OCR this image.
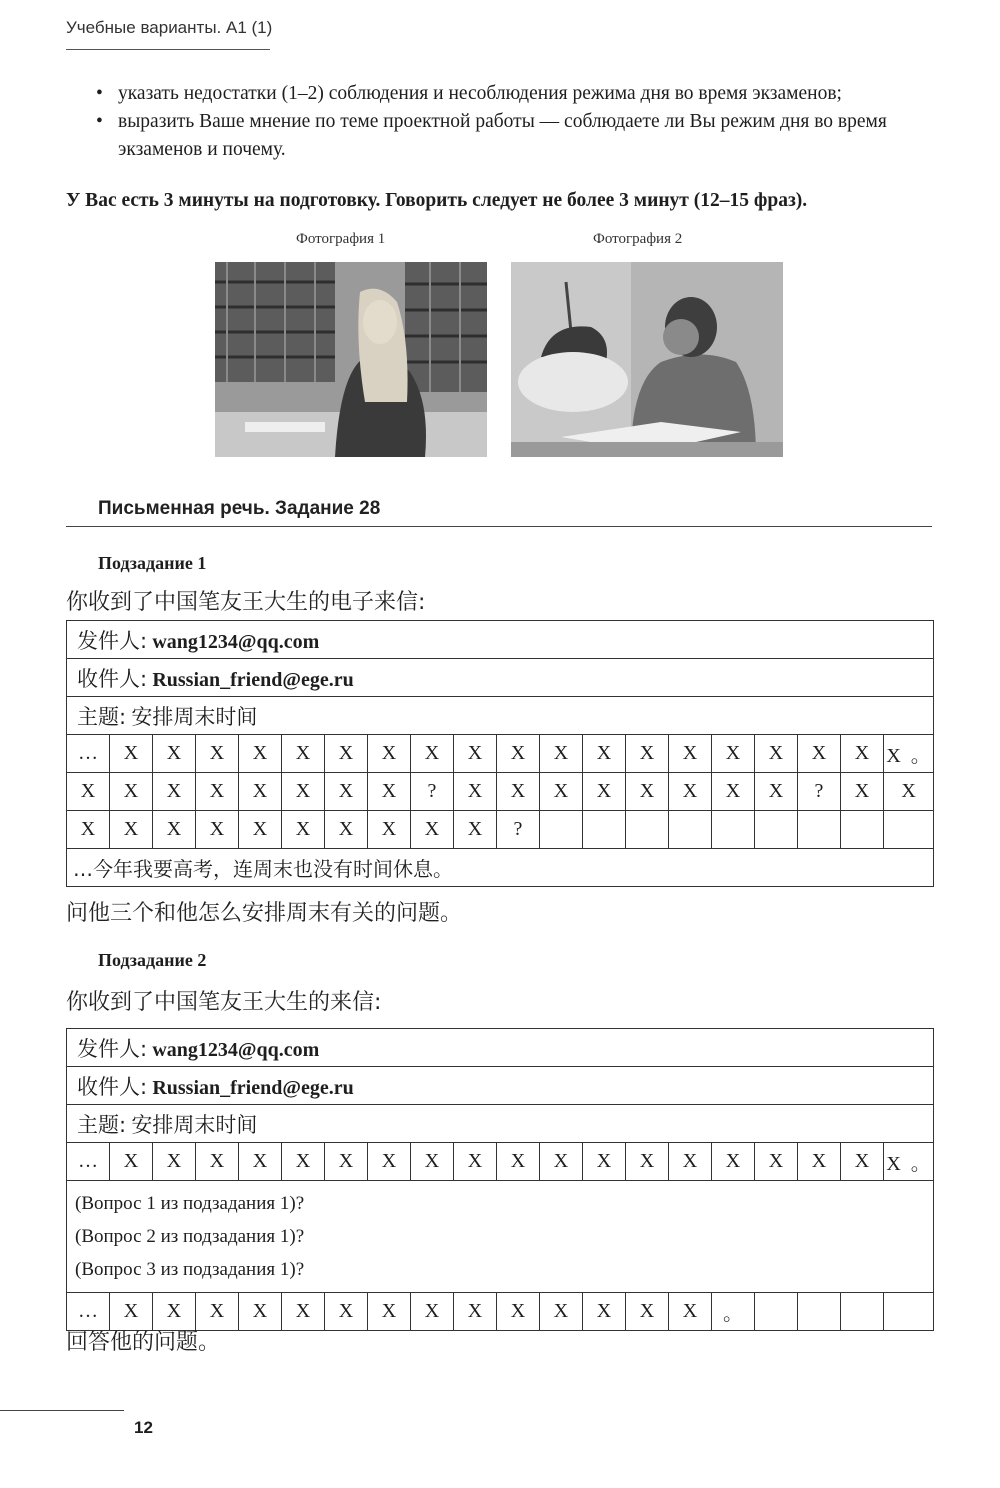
Учебные варианты. А1 (1)
• указать недостатки (1–2) соблюдения и несоблюдения режима дня во время экзаменов;
• выразить Ваше мнение по теме проектной работы — соблюдаете ли Вы режим дня во время экзаменов и почему.
У Вас есть 3 минуты на подготовку. Говорить следует не более 3 минут (12–15 фраз).
Фотография 1	Фотография 2
Письменная речь. Задание 28
Подзадание 1
你收到了中国笔友王大生的电子来信:
发件人: wang1234@qq.com																			
收件人: Russian_friend@ege.ru																			
主题: 安排周末时间																			
…	X	X	X	X	X	X	X	X	X	X	X	X	X	X	X	X	X	X	X 。
X	X	X	X	X	X	X	X	?	X	X	X	X	X	X	X	X	?	X	X
X	X	X	X	X	X	X	X	X	X	?									
…今年我要高考，连周末也没有时间休息。																			
问他三个和他怎么安排周末有关的问题。
Подзадание 2
你收到了中国笔友王大生的来信:
发件人: wang1234@qq.com																			
收件人: Russian_friend@ege.ru																			
主题: 安排周末时间																			
…	X	X	X	X	X	X	X	X	X	X	X	X	X	X	X	X	X	X	X 。

(Вопрос 1 из подзадания 1)?
(Вопрос 2 из подзадания 1)?
(Вопрос 3 из подзадания 1)?																			

…	X	X	X	X	X	X	X	X	X	X	X	X	X	X	。				
回答他的问题。
12
